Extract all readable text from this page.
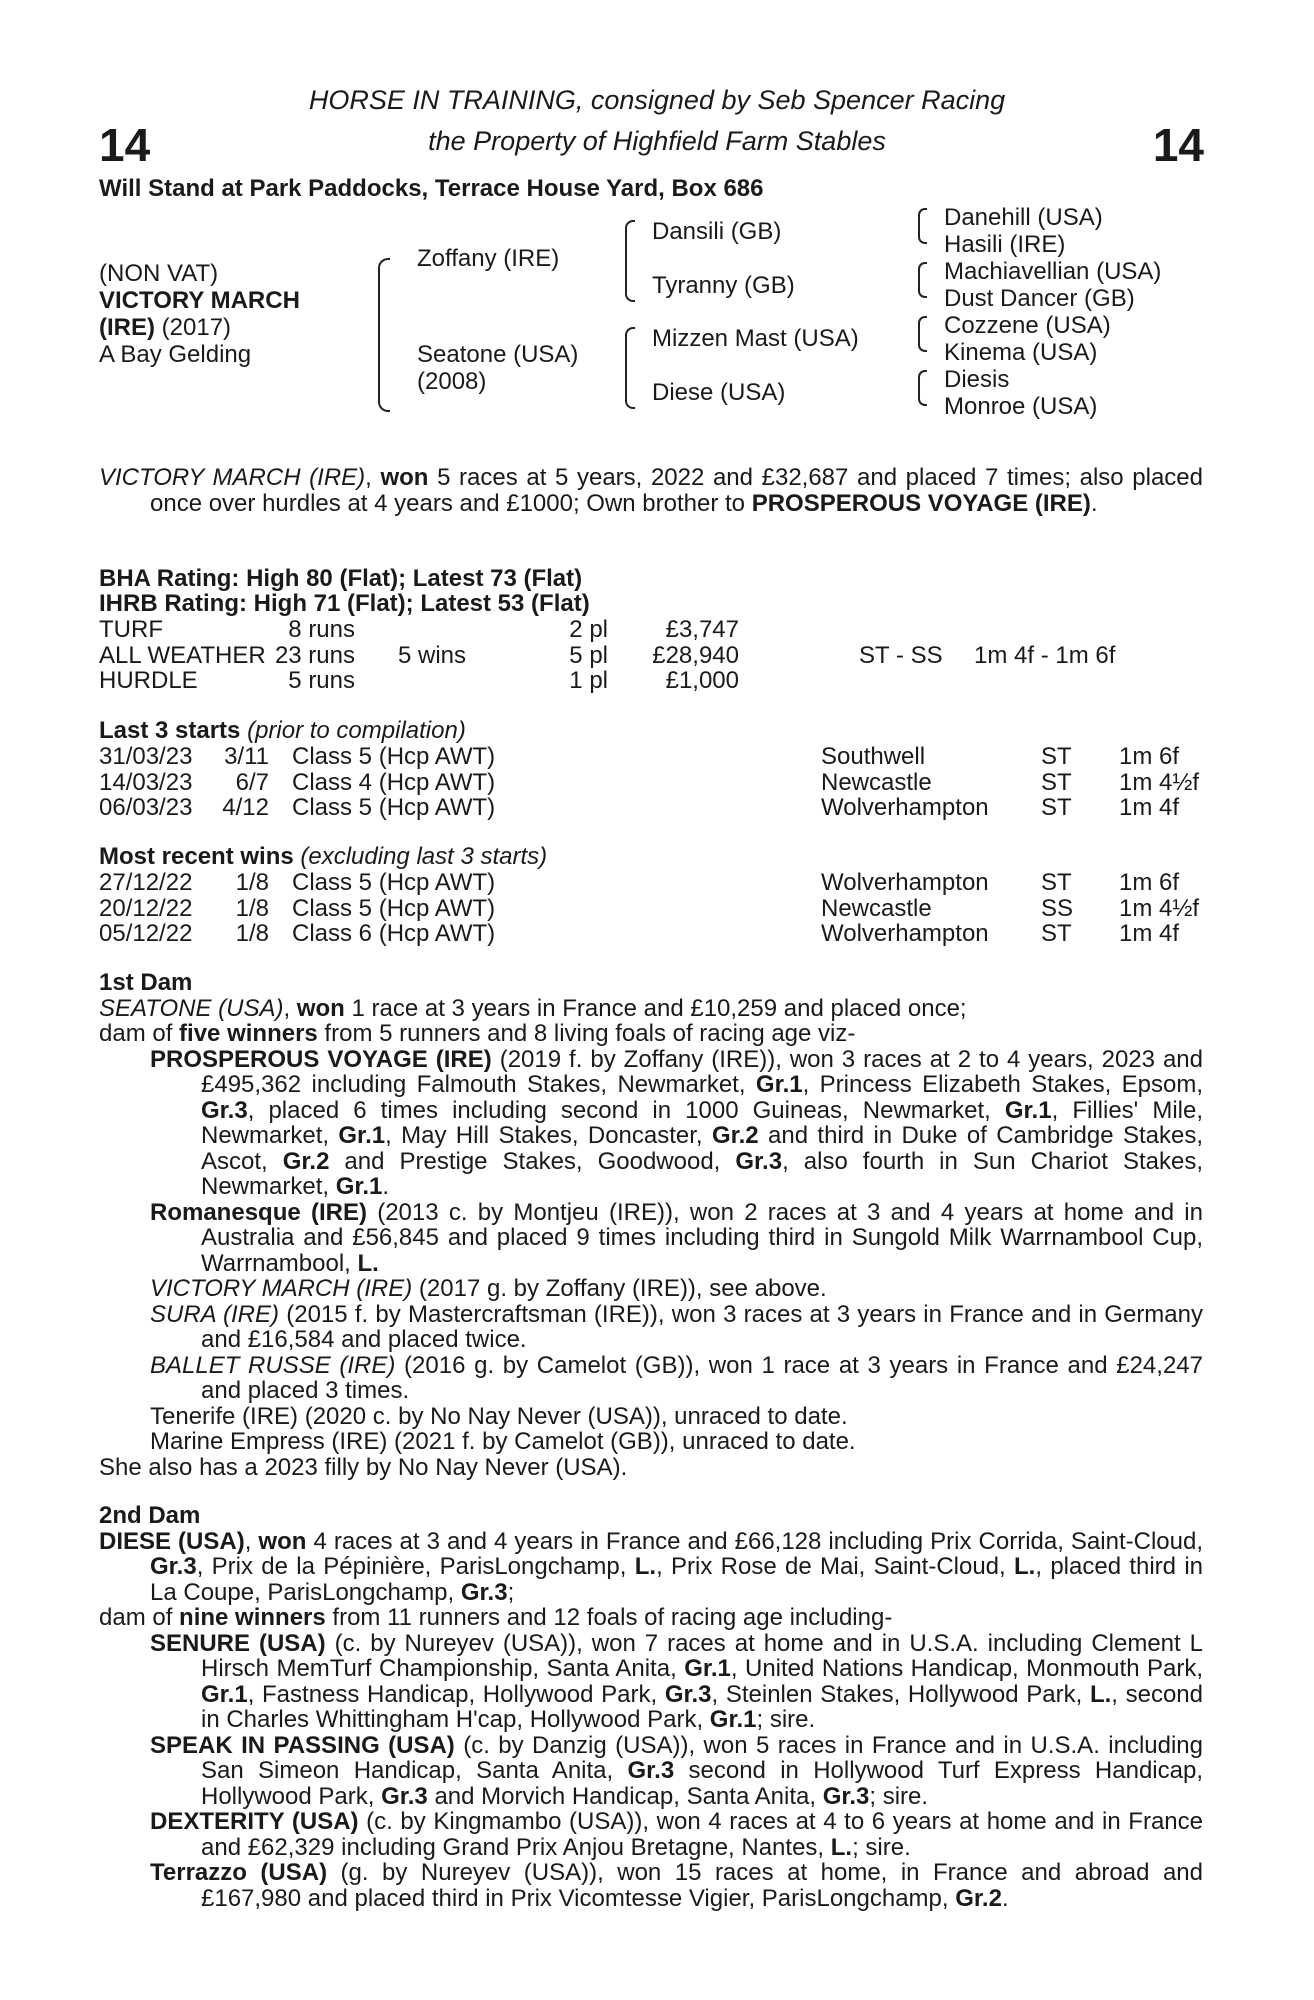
14	14
HORSE IN TRAINING, consigned by Seb Spencer Racing
the Property of Highfield Farm Stables
Will Stand at Park Paddocks, Terrace House Yard, Box 686
(NON VAT)
VICTORY MARCH
(IRE) (2017)
A Bay Gelding
Zoffany (IRE)
Seatone (USA)
(2008)
Dansili (GB)
Tyranny (GB)
Mizzen Mast (USA)
Diese (USA)
Danehill (USA)
Hasili (IRE)
Machiavellian (USA)
Dust Dancer (GB)
Cozzene (USA)
Kinema (USA)
Diesis
Monroe (USA)

VICTORY MARCH (IRE), won 5 races at 5 years, 2022 and £32,687 and placed 7 times; also placed once over hurdles at 4 years and £1000; Own brother to PROSPEROUS VOYAGE (IRE).

BHA Rating: High 80 (Flat); Latest 73 (Flat)
IHRB Rating: High 71 (Flat); Latest 53 (Flat)
TURF	8 runs	2 pl £3,747
ALL WEATHER 23 runs 5 wins	5 pl £28,940	ST - SS 1m 4f - 1m 6f
HURDLE	5 runs	1 pl £1,000
Last 3 starts (prior to compilation)
31/03/23 3/11 Class 5 (Hcp AWT)	Southwell	ST 1m 6f
14/03/23 6/7 Class 4 (Hcp AWT)	Newcastle	ST 1m 4½f
06/03/23 4/12 Class 5 (Hcp AWT)	Wolverhampton ST 1m 4f
Most recent wins (excluding last 3 starts)
27/12/22 1/8 Class 5 (Hcp AWT)	Wolverhampton ST 1m 6f
20/12/22 1/8 Class 5 (Hcp AWT)	Newcastle	SS 1m 4½f
05/12/22 1/8 Class 6 (Hcp AWT)	Wolverhampton ST 1m 4f

1st Dam

SEATONE (USA), won 1 race at 3 years in France and £10,259 and placed once;

dam of five winners from 5 runners and 8 living foals of racing age viz-

PROSPEROUS VOYAGE (IRE) (2019 f. by Zoffany (IRE)), won 3 races at 2 to 4 years, 2023 and £495,362 including Falmouth Stakes, Newmarket, Gr.1, Princess Elizabeth Stakes, Epsom, Gr.3, placed 6 times including second in 1000 Guineas, Newmarket, Gr.1, Fillies' Mile, Newmarket, Gr.1, May Hill Stakes, Doncaster, Gr.2 and third in Duke of Cambridge Stakes, Ascot, Gr.2 and Prestige Stakes, Goodwood, Gr.3, also fourth in Sun Chariot Stakes, Newmarket, Gr.1.

Romanesque (IRE) (2013 c. by Montjeu (IRE)), won 2 races at 3 and 4 years at home and in Australia and £56,845 and placed 9 times including third in Sungold Milk Warrnambool Cup, Warrnambool, L.

VICTORY MARCH (IRE) (2017 g. by Zoffany (IRE)), see above.

SURA (IRE) (2015 f. by Mastercraftsman (IRE)), won 3 races at 3 years in France and in Germany and £16,584 and placed twice.

BALLET RUSSE (IRE) (2016 g. by Camelot (GB)), won 1 race at 3 years in France and £24,247 and placed 3 times.

Tenerife (IRE) (2020 c. by No Nay Never (USA)), unraced to date.

Marine Empress (IRE) (2021 f. by Camelot (GB)), unraced to date.

She also has a 2023 filly by No Nay Never (USA).

2nd Dam

DIESE (USA), won 4 races at 3 and 4 years in France and £66,128 including Prix Corrida, Saint-Cloud, Gr.3, Prix de la Pépinière, ParisLongchamp, L., Prix Rose de Mai, Saint-Cloud, L., placed third in La Coupe, ParisLongchamp, Gr.3;

dam of nine winners from 11 runners and 12 foals of racing age including-

SENURE (USA) (c. by Nureyev (USA)), won 7 races at home and in U.S.A. including Clement L Hirsch MemTurf Championship, Santa Anita, Gr.1, United Nations Handicap, Monmouth Park, Gr.1, Fastness Handicap, Hollywood Park, Gr.3, Steinlen Stakes, Hollywood Park, L., second in Charles Whittingham H'cap, Hollywood Park, Gr.1; sire.

SPEAK IN PASSING (USA) (c. by Danzig (USA)), won 5 races in France and in U.S.A. including San Simeon Handicap, Santa Anita, Gr.3 second in Hollywood Turf Express Handicap, Hollywood Park, Gr.3 and Morvich Handicap, Santa Anita, Gr.3; sire.

DEXTERITY (USA) (c. by Kingmambo (USA)), won 4 races at 4 to 6 years at home and in France and £62,329 including Grand Prix Anjou Bretagne, Nantes, L.; sire.

Terrazzo (USA) (g. by Nureyev (USA)), won 15 races at home, in France and abroad and £167,980 and placed third in Prix Vicomtesse Vigier, ParisLongchamp, Gr.2.
